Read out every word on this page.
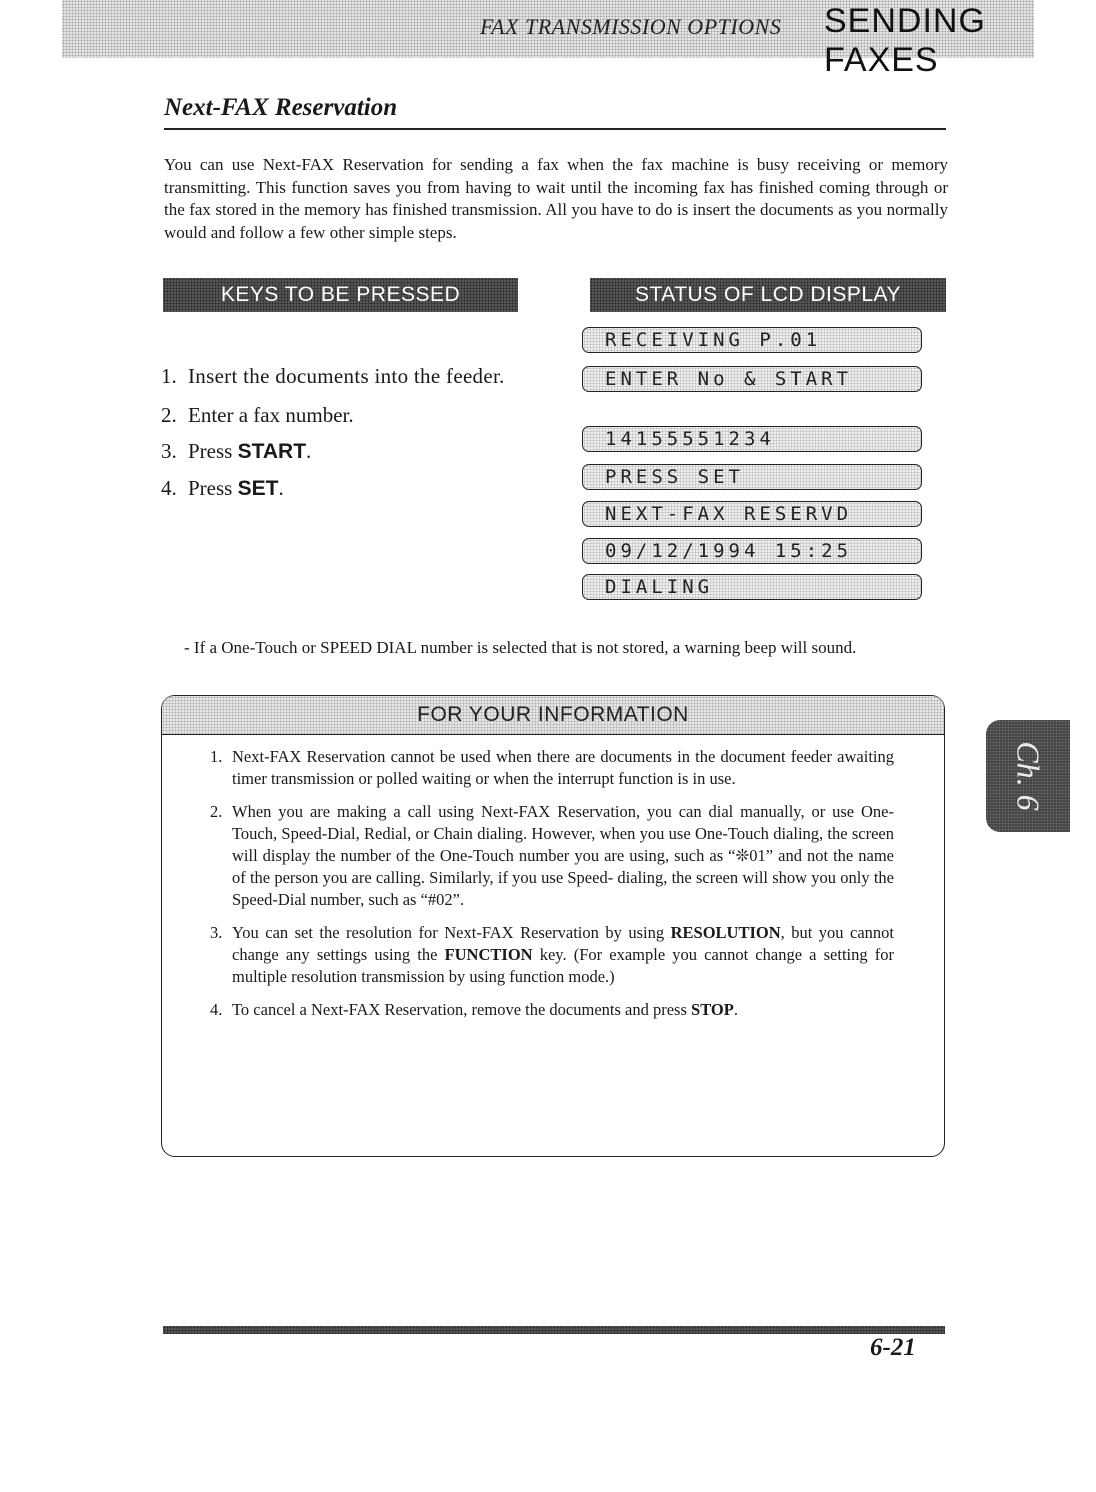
FAX TRANSMISSION OPTIONS SENDING FAXES
Next-FAX Reservation
You can use Next-FAX Reservation for sending a fax when the fax machine is busy receiving or memory transmitting. This function saves you from having to wait until the incoming fax has finished coming through or the fax stored in the memory has finished transmission. All you have to do is insert the documents as you normally would and follow a few other simple steps.
KEYS TO BE PRESSED	STATUS OF LCD DISPLAY
1. Insert the documents into the feeder.
2. Enter a fax number.
3. Press START.
4. Press SET.
RECEIVING P.01
ENTER No & START
14155551234
PRESS SET
NEXT-FAX RESERVD
09/12/1994 15:25
DIALING
- If a One-Touch or SPEED DIAL number is selected that is not stored, a warning beep will sound.
FOR YOUR INFORMATION
1. Next-FAX Reservation cannot be used when there are documents in the document feeder awaiting timer transmission or polled waiting or when the interrupt function is in use.
2. When you are making a call using Next-FAX Reservation, you can dial manually, or use One-Touch, Speed-Dial, Redial, or Chain dialing. However, when you use One-Touch dialing, the screen will display the number of the One-Touch number you are using, such as “❊01” and not the name of the person you are calling. Similarly, if you use Speed- dialing, the screen will show you only the Speed-Dial number, such as “#02”.
3. You can set the resolution for Next-FAX Reservation by using RESOLUTION, but you cannot change any settings using the FUNCTION key. (For example you cannot change a setting for multiple resolution transmission by using function mode.)
4. To cancel a Next-FAX Reservation, remove the documents and press STOP.
Ch. 6
6-21
